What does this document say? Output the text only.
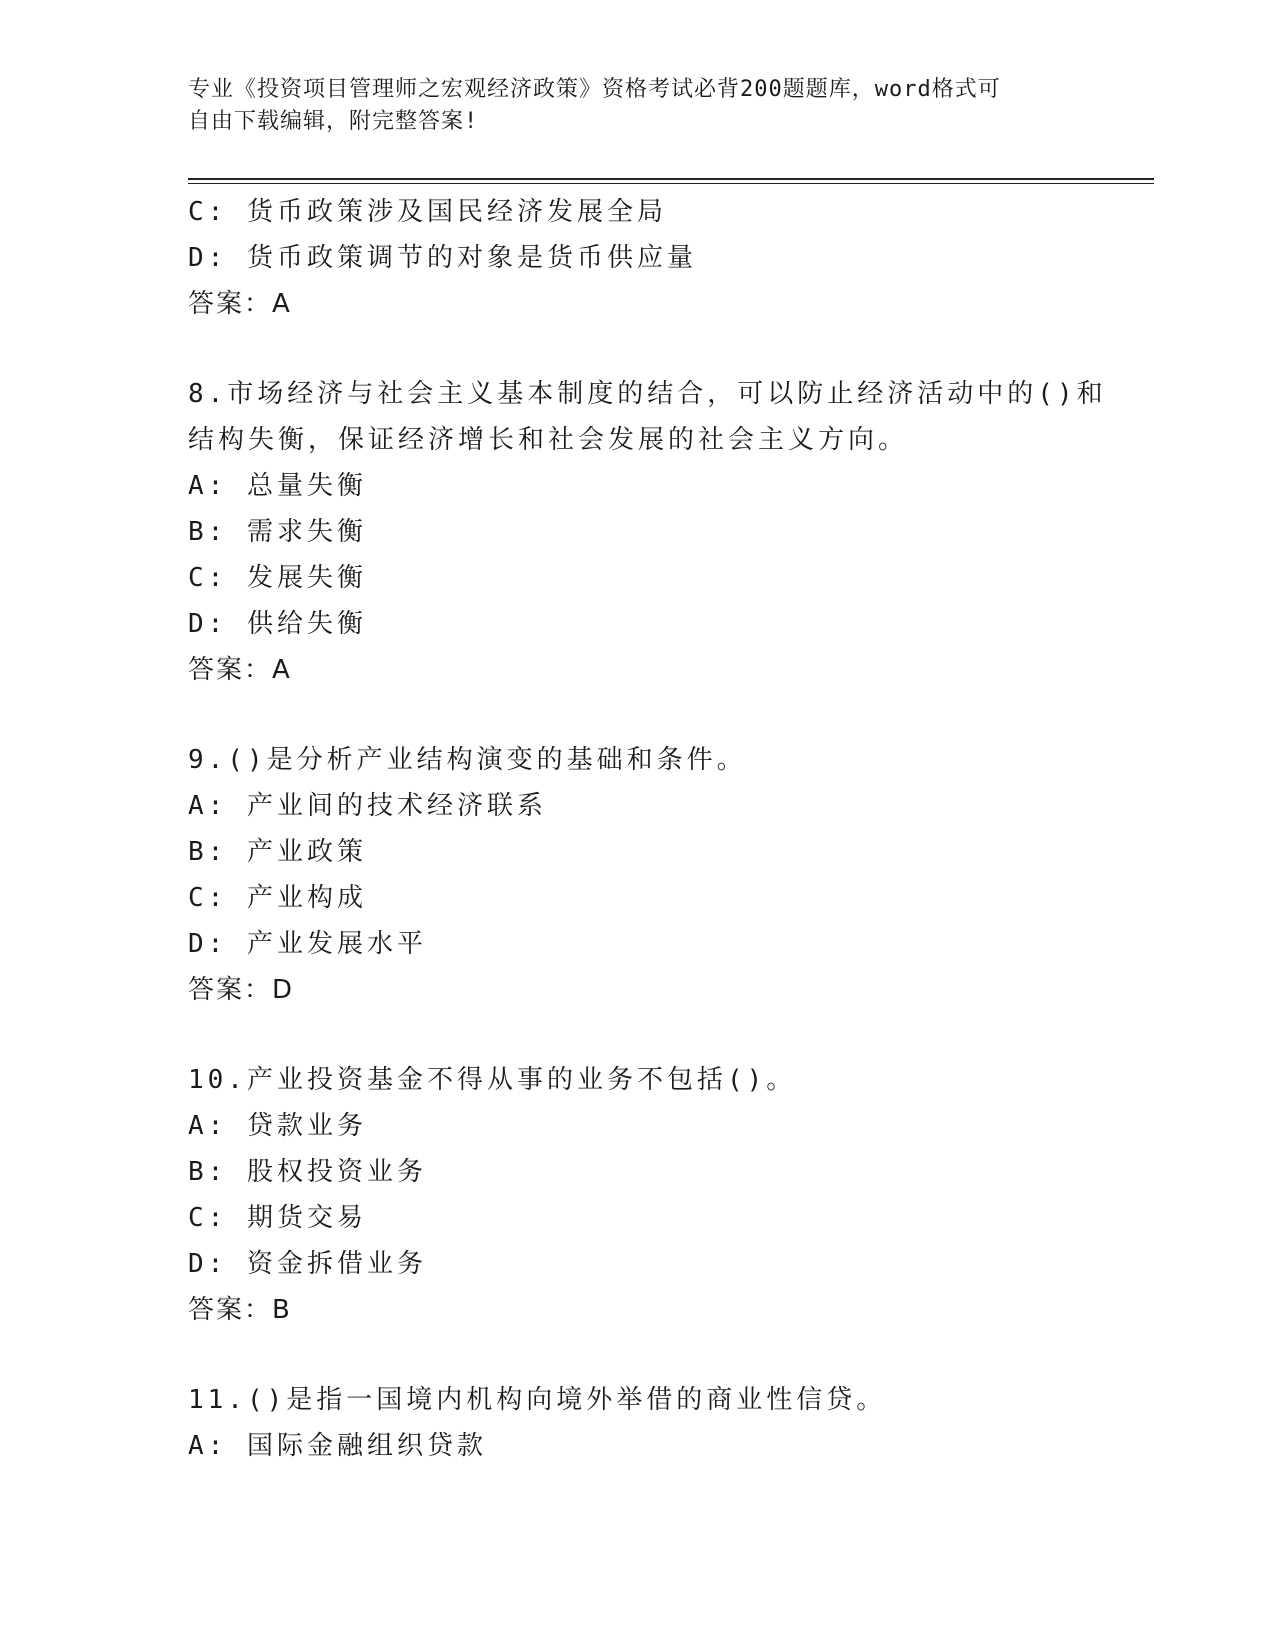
专业《投资项目管理师之宏观经济政策》资格考试必背200题题库，word格式可
自由下载编辑，附完整答案!
C: 货币政策涉及国民经济发展全局
D: 货币政策调节的对象是货币供应量
答案：A
8.市场经济与社会主义基本制度的结合，可以防止经济活动中的()和
结构失衡，保证经济增长和社会发展的社会主义方向。
A: 总量失衡
B: 需求失衡
C: 发展失衡
D: 供给失衡
答案：A
9.()是分析产业结构演变的基础和条件。
A: 产业间的技术经济联系
B: 产业政策
C: 产业构成
D: 产业发展水平
答案：D
10.产业投资基金不得从事的业务不包括()。
A: 贷款业务
B: 股权投资业务
C: 期货交易
D: 资金拆借业务
答案：B
11.()是指一国境内机构向境外举借的商业性信贷。
A: 国际金融组织贷款
